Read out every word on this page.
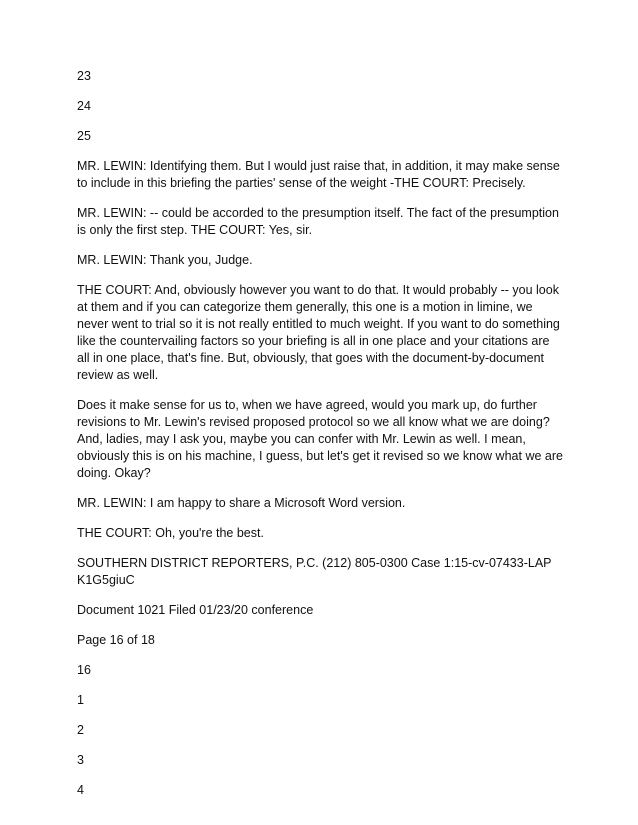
23
24
25
MR. LEWIN: Identifying them. But I would just raise that, in addition, it may make sense to include in this briefing the parties' sense of the weight -THE COURT: Precisely.
MR. LEWIN: -- could be accorded to the presumption itself. The fact of the presumption is only the first step. THE COURT: Yes, sir.
MR. LEWIN: Thank you, Judge.
THE COURT: And, obviously however you want to do that. It would probably -- you look at them and if you can categorize them generally, this one is a motion in limine, we never went to trial so it is not really entitled to much weight. If you want to do something like the countervailing factors so your briefing is all in one place and your citations are all in one place, that's fine. But, obviously, that goes with the document-by-document review as well.
Does it make sense for us to, when we have agreed, would you mark up, do further revisions to Mr. Lewin's revised proposed protocol so we all know what we are doing? And, ladies, may I ask you, maybe you can confer with Mr. Lewin as well. I mean, obviously this is on his machine, I guess, but let's get it revised so we know what we are doing. Okay?
MR. LEWIN: I am happy to share a Microsoft Word version.
THE COURT: Oh, you're the best.
SOUTHERN DISTRICT REPORTERS, P.C. (212) 805-0300 Case 1:15-cv-07433-LAP K1G5giuC
Document 1021 Filed 01/23/20 conference
Page 16 of 18
16
1
2
3
4
